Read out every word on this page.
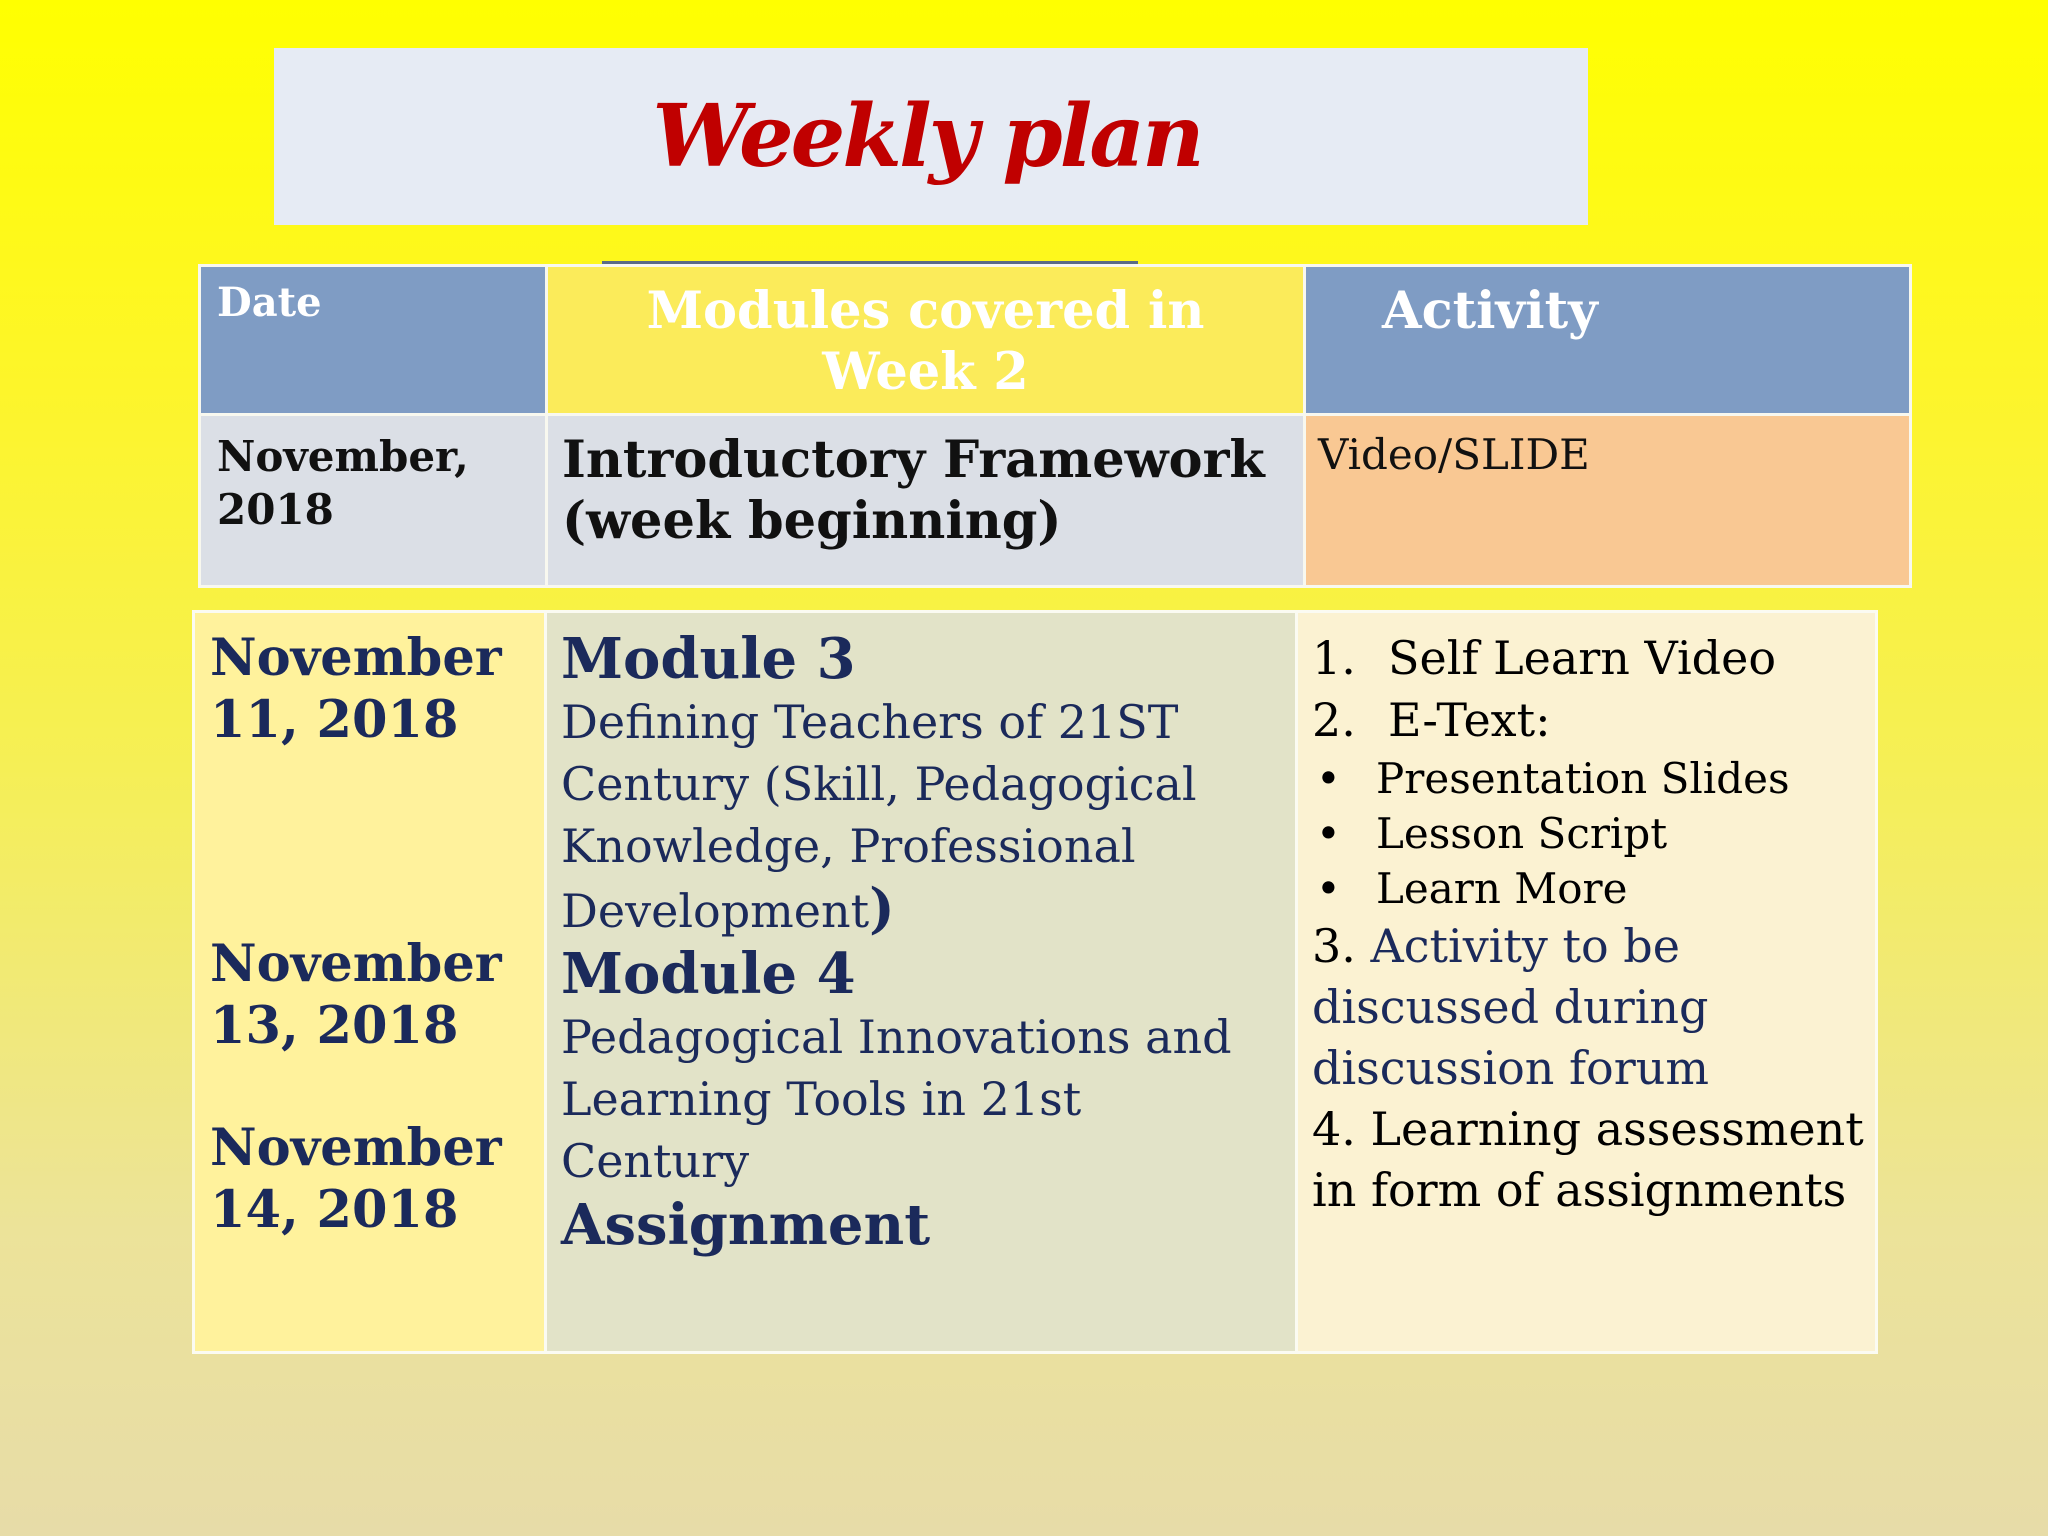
Weekly plan
Date	Modules covered in Week 2
Activity
November, 2018
Introductory Framework (week beginning)
Video/SLIDE
November 11, 2018
November 13, 2018
November 14, 2018
Module 3
Defining Teachers of 21ST Century (Skill, Pedagogical Knowledge, Professional Development)
Module 4
Pedagogical Innovations and Learning Tools in 21st Century
Assignment
1. Self Learn Video
2. E-Text:
• Presentation Slides
• Lesson Script
• Learn More
3. Activity to be discussed during discussion forum
4. Learning assessment in form of assignments
